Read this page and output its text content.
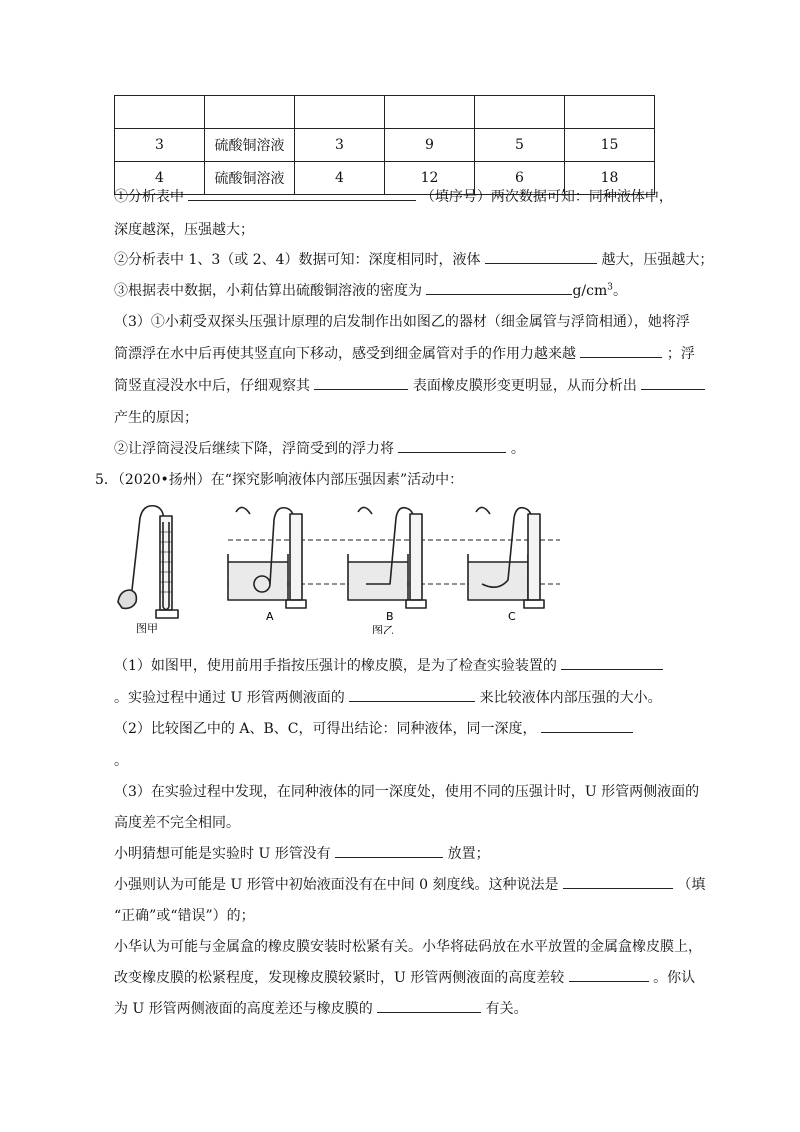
3	硫酸铜溶液	3	9	5	15
4	硫酸铜溶液	4	12	6	18
①分析表中	（填序号）两次数据可知：同种液体中，
深度越深，压强越大；
②分析表中 1、3（或 2、4）数据可知：深度相同时，液体	越大，压强越大；
③根据表中数据，小莉估算出硫酸铜溶液的密度为	$g/cm^3$。
（3）①小莉受双探头压强计原理的启发制作出如图乙的器材（细金属管与浮筒相通），她将浮
筒漂浮在水中后再使其竖直向下移动，感受到细金属管对手的作用力越来越	；浮
筒竖直浸没水中后，仔细观察其	表面橡皮膜形变更明显，从而分析出
产生的原因；
②让浮筒浸没后继续下降，浮筒受到的浮力将	。
5．（2020•扬州）在“探究影响液体内部压强因素”活动中：
图甲
A	B	C
图乙
（1）如图甲，使用前用手指按压强计的橡皮膜，是为了检查实验装置的
。实验过程中通过 U 形管两侧液面的	来比较液体内部压强的大小。
（2）比较图乙中的 A、B、C，可得出结论：同种液体，同一深度，
。
（3）在实验过程中发现，在同种液体的同一深度处，使用不同的压强计时，U 形管两侧液面的
高度差不完全相同。
小明猜想可能是实验时 U 形管没有	放置；
小强则认为可能是 U 形管中初始液面没有在中间 0 刻度线。这种说法是	（填
“正确”或“错误”）的；
小华认为可能与金属盒的橡皮膜安装时松紧有关。小华将砝码放在水平放置的金属盒橡皮膜上，
改变橡皮膜的松紧程度，发现橡皮膜较紧时，U 形管两侧液面的高度差较	。你认
为 U 形管两侧液面的高度差还与橡皮膜的	有关。
